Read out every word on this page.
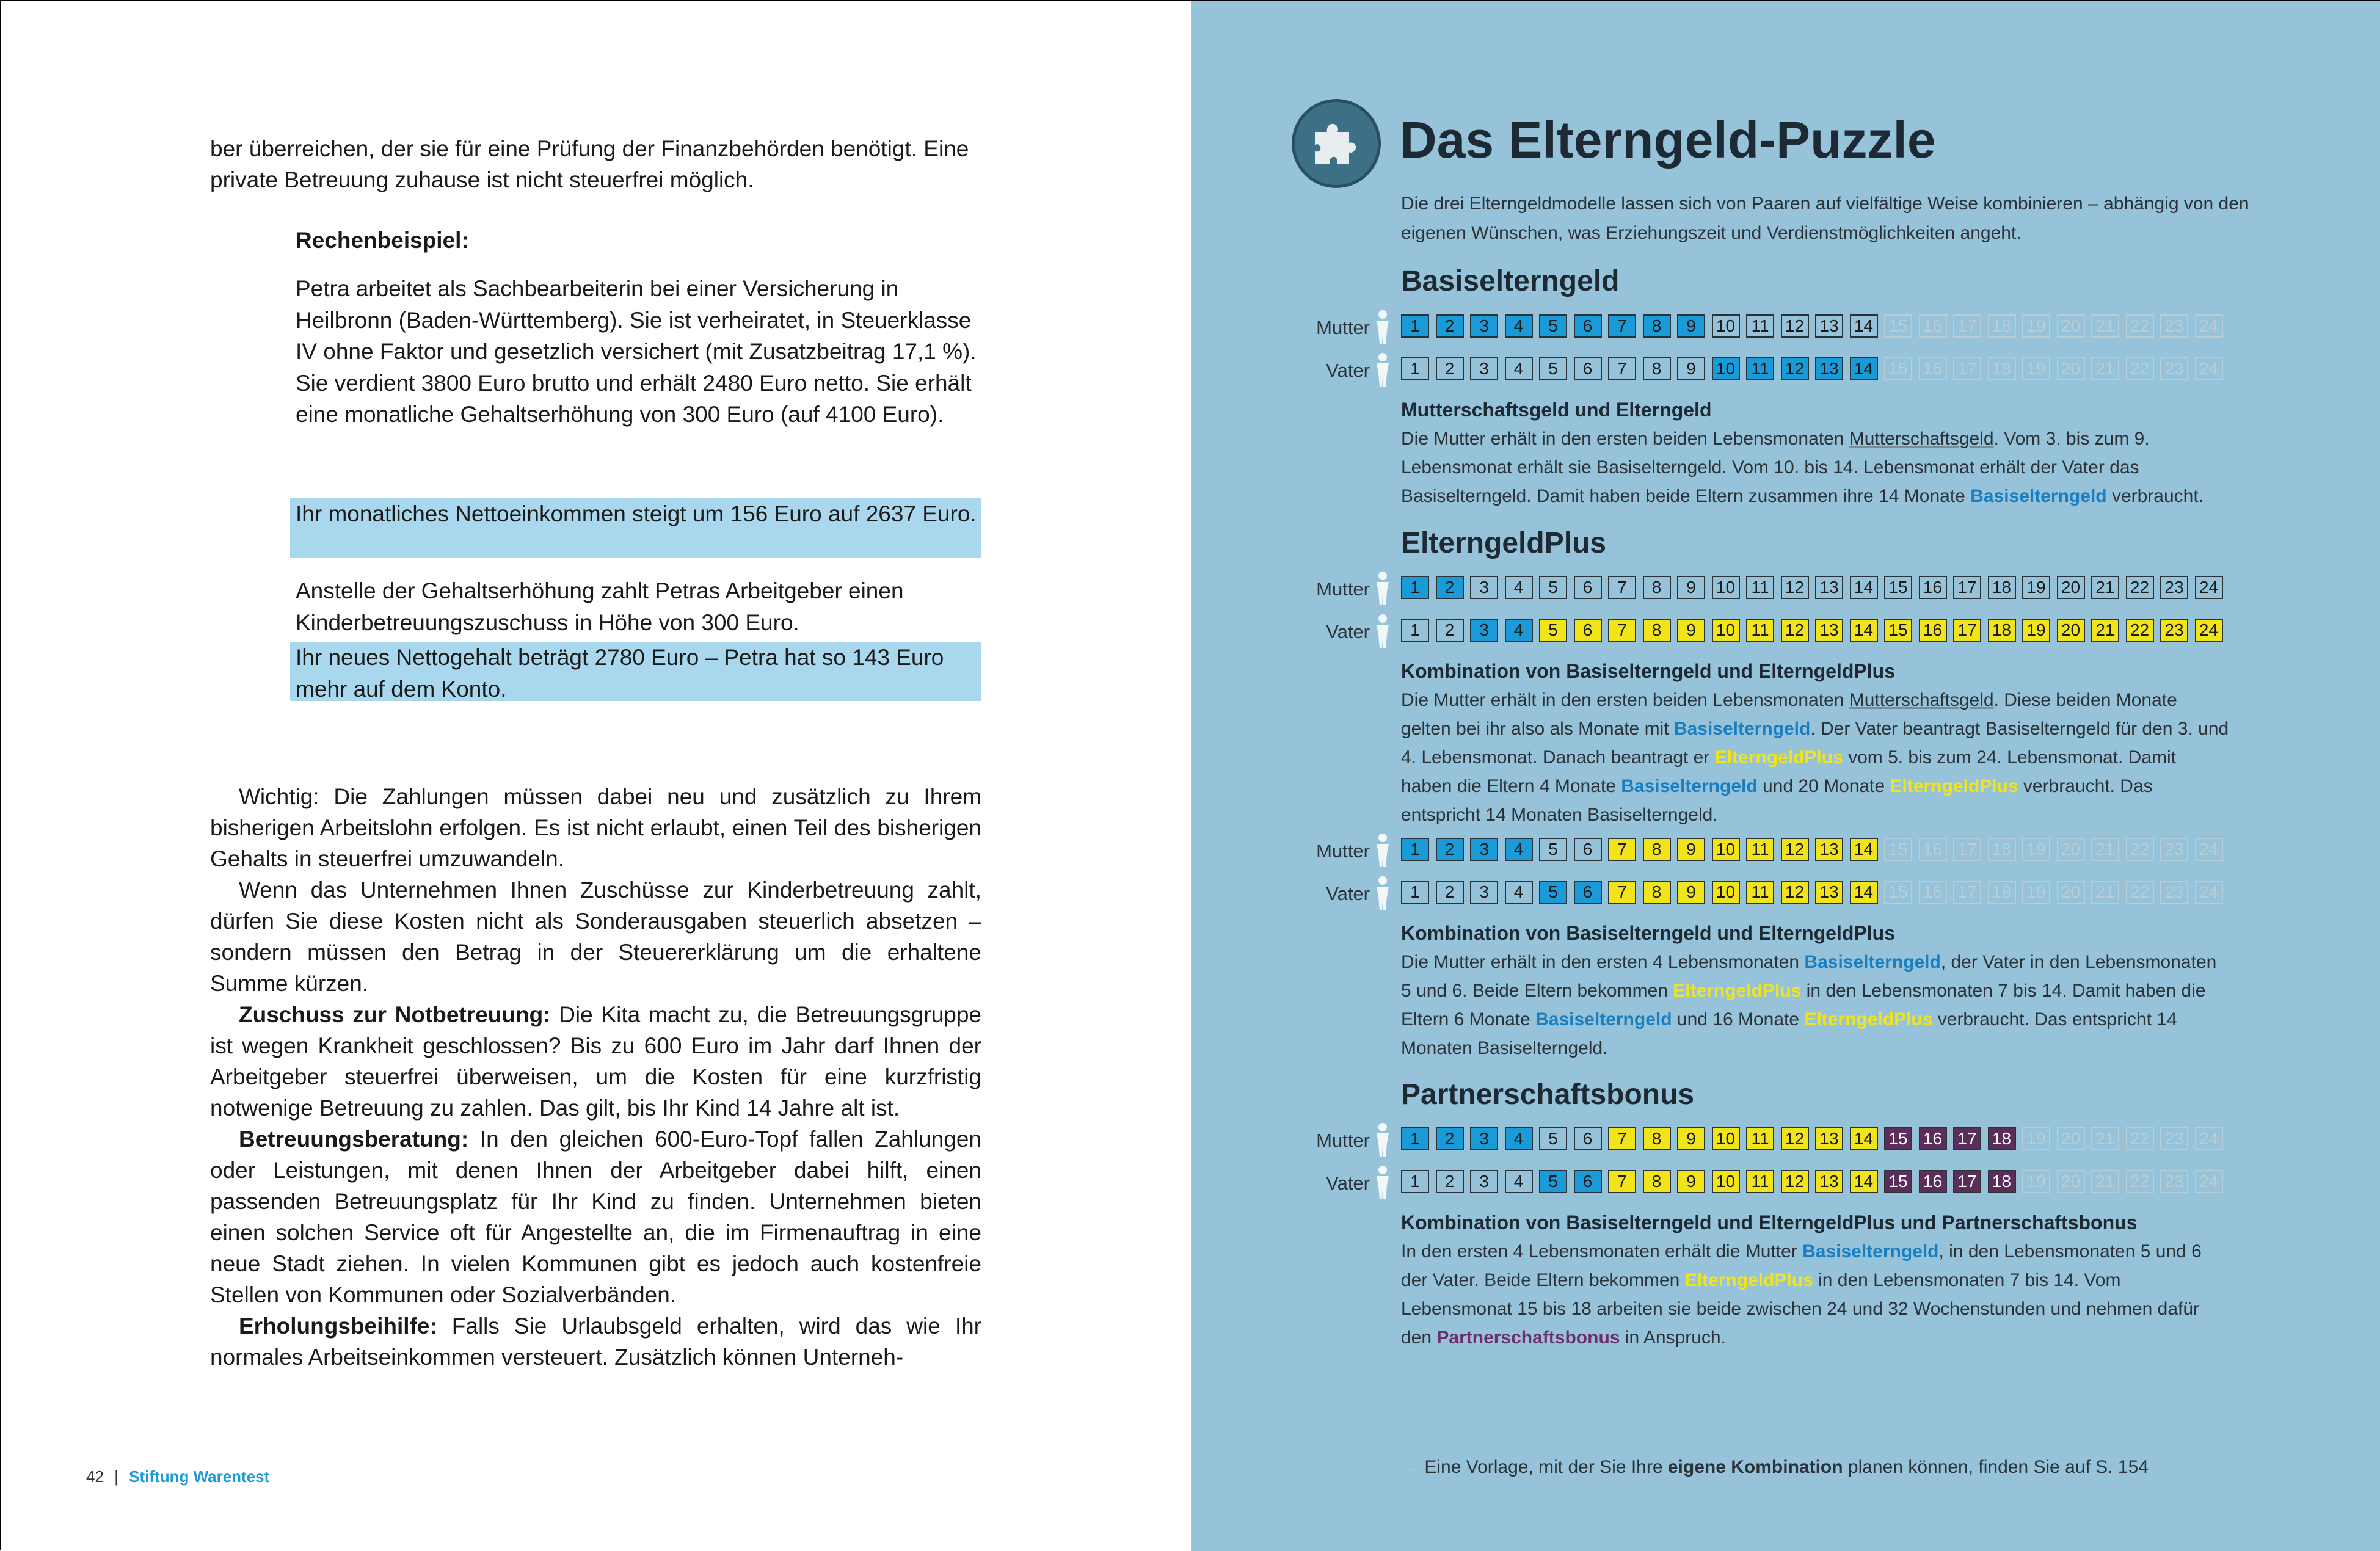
ber überreichen, der sie für eine Prüfung der Finanzbehörden benötigt. Eine private Betreuung zuhause ist nicht steuerfrei möglich.
Rechenbeispiel:
Petra arbeitet als Sachbearbeiterin bei einer Versicherung in Heilbronn (Baden-Württemberg). Sie ist verheiratet, in Steuerklasse IV ohne Faktor und gesetzlich versichert (mit Zusatzbeitrag 17,1 %). Sie verdient 3800 Euro brutto und erhält 2480 Euro netto. Sie erhält eine monatliche Gehaltserhöhung von 300 Euro (auf 4100 Euro).
Ihr monatliches Nettoeinkommen steigt um 156 Euro auf 2637 Euro.
Anstelle der Gehaltserhöhung zahlt Petras Arbeitgeber einen Kinderbetreuungszuschuss in Höhe von 300 Euro.
Ihr neues Nettogehalt beträgt 2780 Euro – Petra hat so 143 Euro mehr auf dem Konto.

Wichtig: Die Zahlungen müssen dabei neu und zusätzlich zu Ihrem bisherigen Arbeitslohn erfolgen. Es ist nicht erlaubt, einen Teil des bisherigen Gehalts in steuerfrei umzuwandeln.

Wenn das Unternehmen Ihnen Zuschüsse zur Kinderbetreuung zahlt, dürfen Sie diese Kosten nicht als Sonderausgaben steuerlich absetzen – sondern müssen den Betrag in der Steuererklärung um die erhaltene Summe kürzen.

Zuschuss zur Notbetreuung: Die Kita macht zu, die Betreuungsgruppe ist wegen Krankheit geschlossen? Bis zu 600 Euro im Jahr darf Ihnen der Arbeitgeber steuerfrei überweisen, um die Kosten für eine kurzfristig notwenige Betreuung zu zahlen. Das gilt, bis Ihr Kind 14 Jahre alt ist.

Betreuungsberatung: In den gleichen 600-Euro-Topf fallen Zahlungen oder Leistungen, mit denen Ihnen der Arbeitgeber dabei hilft, einen passenden Betreuungsplatz für Ihr Kind zu finden. Unternehmen bieten einen solchen Service oft für Angestellte an, die im Firmenauftrag in eine neue Stadt ziehen. In vielen Kommunen gibt es jedoch auch kostenfreie Stellen von Kommunen oder Sozialverbänden.

Erholungsbeihilfe: Falls Sie Urlaubsgeld erhalten, wird das wie Ihr normales Arbeitseinkommen versteuert. Zusätzlich können Unterneh-

42 | Stiftung Warentest
Das Elterngeld-Puzzle
Die drei Elterngeldmodelle lassen sich von Paaren auf vielfältige Weise kombinieren – abhängig von den eigenen Wünschen, was Erziehungszeit und Verdienstmöglichkeiten angeht.
Basiselterngeld
ElterngeldPlus
Partnerschaftsbonus
Mutter	1	2	3	4	5	6	7	8	9	10 11 12 13 14 15 16 17 18 19 20 21 22 23 24
Vater	1	2	3	4	5	6	7	8	9	10 11 12 13 14 15 16 17 18 19 20 21 22 23 24
Mutter	1	2	3	4	5	6	7	8	9	10 11 12 13 14 15 16 17 18 19 20 21 22 23 24
Vater	1	2	3	4	5	6	7	8	9	10 11 12 13 14 15 16 17 18 19 20 21 22 23 24
Mutter	1	2	3	4	5	6	7	8	9	10 11 12 13 14 15 16 17 18 19 20 21 22 23 24
Vater	1	2	3	4	5	6	7	8	9	10 11 12 13 14 15 16 17 18 19 20 21 22 23 24
Mutter	1	2	3	4	5	6	7	8	9	10 11 12 13 14 15 16 17 18 19 20 21 22 23 24
Vater	1	2	3	4	5	6	7	8	9	10 11 12 13 14 15 16 17 18 19 20 21 22 23 24
Mutterschaftsgeld und Elterngeld
Die Mutter erhält in den ersten beiden Lebensmonaten Mutterschaftsgeld. Vom 3. bis zum 9. Lebensmonat erhält sie Basiselterngeld. Vom 10. bis 14. Lebensmonat erhält der Vater das Basiselterngeld. Damit haben beide Eltern zusammen ihre 14 Monate Basiselterngeld verbraucht.
Kombination von Basiselterngeld und ElterngeldPlus
Die Mutter erhält in den ersten beiden Lebensmonaten Mutterschaftsgeld. Diese beiden Monate gelten bei ihr also als Monate mit Basiselterngeld. Der Vater beantragt Basiselterngeld für den 3. und 4. Lebensmonat. Danach beantragt er ElterngeldPlus vom 5. bis zum 24. Lebensmonat. Damit haben die Eltern 4 Monate Basiselterngeld und 20 Monate ElterngeldPlus verbraucht. Das entspricht 14 Monaten Basiselterngeld.
Kombination von Basiselterngeld und ElterngeldPlus
Die Mutter erhält in den ersten 4 Lebensmonaten Basiselterngeld, der Vater in den Lebensmonaten 5 und 6. Beide Eltern bekommen ElterngeldPlus in den Lebensmonaten 7 bis 14. Damit haben die Eltern 6 Monate Basiselterngeld und 16 Monate ElterngeldPlus verbraucht. Das entspricht 14 Monaten Basiselterngeld.
Kombination von Basiselterngeld und ElterngeldPlus und Partnerschaftsbonus
In den ersten 4 Lebensmonaten erhält die Mutter Basiselterngeld, in den Lebensmonaten 5 und 6 der Vater. Beide Eltern bekommen ElterngeldPlus in den Lebensmonaten 7 bis 14. Vom Lebensmonat 15 bis 18 arbeiten sie beide zwischen 24 und 32 Wochenstunden und nehmen dafür den Partnerschaftsbonus in Anspruch.
→ Eine Vorlage, mit der Sie Ihre eigene Kombination planen können, finden Sie auf S. 154
